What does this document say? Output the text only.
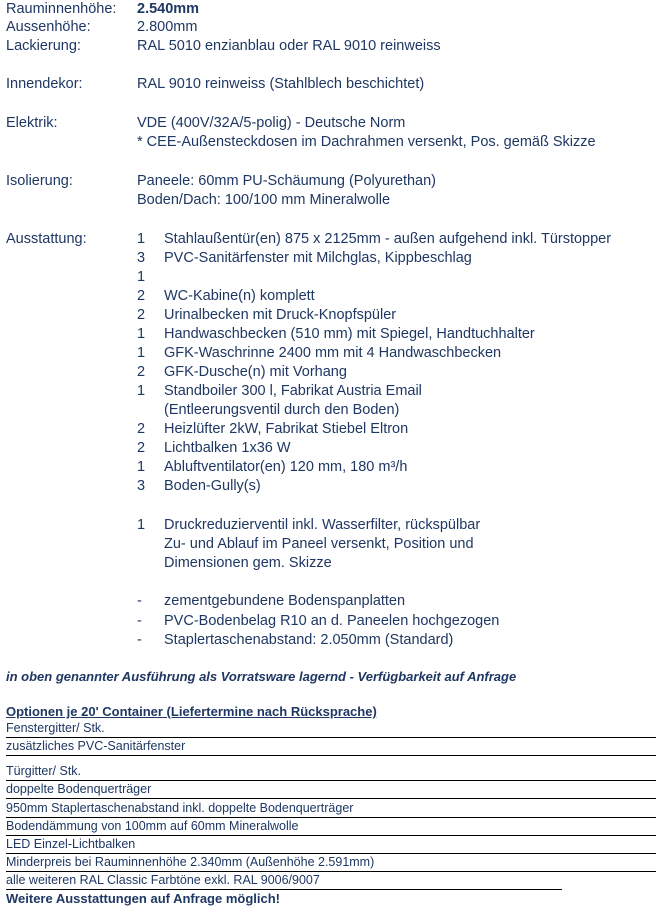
Rauminnenhöhe: 2.540mm
Aussenhöhe:	2.800mm
Lackierung:	RAL 5010 enzianblau oder RAL 9010 reinweiss
Innendekor:	RAL 9010 reinweiss (Stahlblech beschichtet)
Elektrik:	VDE (400V/32A/5-polig) - Deutsche Norm
* CEE-Außensteckdosen im Dachrahmen versenkt, Pos. gemäß Skizze
Isolierung:	Paneele: 60mm PU-Schäumung (Polyurethan)
Boden/Dach: 100/100 mm Mineralwolle
Ausstattung:	1 Stahlaußentür(en) 875 x 2125mm - außen aufgehend inkl. Türstopper
3 PVC-Sanitärfenster mit Milchglas, Kippbeschlag
1
2 WC-Kabine(n) komplett
2 Urinalbecken mit Druck-Knopfspüler
1 Handwaschbecken (510 mm) mit Spiegel, Handtuchhalter
1 GFK-Waschrinne 2400 mm mit 4 Handwaschbecken
2 GFK-Dusche(n) mit Vorhang
1 Standboiler 300 l, Fabrikat Austria Email
(Entleerungsventil durch den Boden)
2 Heizlüfter 2kW, Fabrikat Stiebel Eltron
2 Lichtbalken 1x36 W
1 Abluftventilator(en) 120 mm, 180 m³/h
3 Boden-Gully(s)
1 Druckreduzierventil inkl. Wasserfilter, rückspülbar
Zu- und Ablauf im Paneel versenkt, Position und
Dimensionen gem. Skizze
- zementgebundene Bodenspanplatten
- PVC-Bodenbelag R10 an d. Paneelen hochgezogen
- Staplertaschenabstand: 2.050mm (Standard)
in oben genannter Ausführung als Vorratsware lagernd - Verfügbarkeit auf Anfrage
Optionen je 20' Container (Liefertermine nach Rücksprache)
Fenstergitter/ Stk.
zusätzliches PVC-Sanitärfenster
Türgitter/ Stk.
doppelte Bodenquerträger
950mm Staplertaschenabstand inkl. doppelte Bodenquerträger
Bodendämmung von 100mm auf 60mm Mineralwolle
LED Einzel-Lichtbalken
Minderpreis bei Rauminnenhöhe 2.340mm (Außenhöhe 2.591mm)
alle weiteren RAL Classic Farbtöne exkl. RAL 9006/9007
Weitere Ausstattungen auf Anfrage möglich!
